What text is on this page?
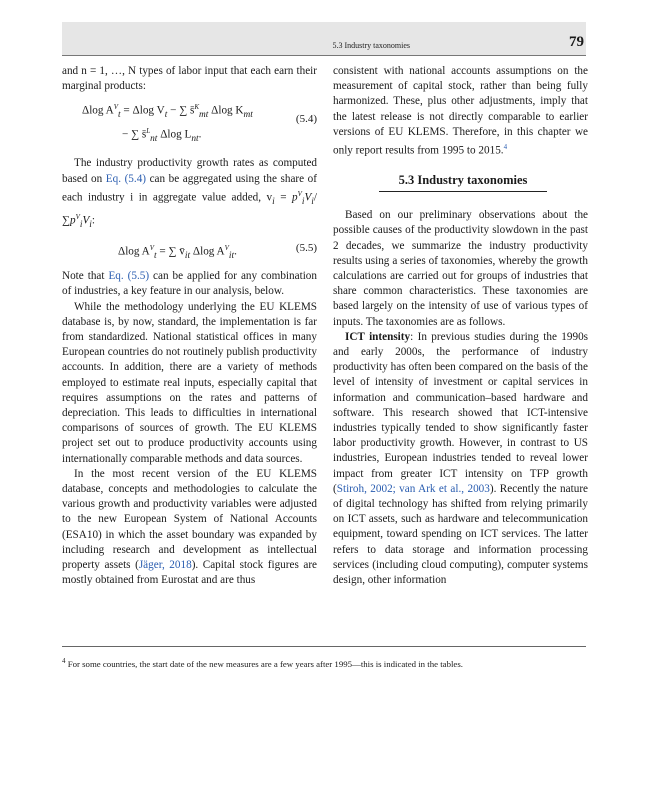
5.3 Industry taxonomies	79

and n = 1, …, N types of labor input that each earn their marginal products:

Δlog $A^V_t = \Delta\log$ $V_t$ − ∑ s̄$^K_{mt}$ Δlog $K_{mt}$	(5.4)
− ∑ s̄$^L_{nt}$ Δlog $L_{nt}$.

The industry productivity growth rates as computed based on Eq. (5.4) can be aggregated using the share of each industry i in aggregate value added, $v_i = p^V_iV_i/\sum p^V_iV_i$:

Δlog $A^V_t$ = ∑ $v̄_{it}$ Δlog $A^V_{it}$.	(5.5)

Note that Eq. (5.5) can be applied for any combination of industries, a key feature in our analysis, below.

While the methodology underlying the EU KLEMS database is, by now, standard, the implementation is far from standardized. National statistical offices in many European countries do not routinely publish productivity accounts. In addition, there are a variety of methods employed to estimate real inputs, especially capital that requires assumptions on the rates and patterns of depreciation. This leads to difficulties in international comparisons of sources of growth. The EU KLEMS project set out to produce productivity accounts using internationally comparable methods and data sources.

In the most recent version of the EU KLEMS database, concepts and methodologies to calculate the various growth and productivity variables were adjusted to the new European System of National Accounts (ESA10) in which the asset boundary was expanded by including research and development as intellectual property assets (Jäger, 2018). Capital stock figures are mostly obtained from Eurostat and are thus

consistent with national accounts assumptions on the measurement of capital stock, rather than being fully harmonized. These, plus other adjustments, imply that the latest release is not directly comparable to earlier versions of EU KLEMS. Therefore, in this chapter we only report results from 1995 to 2015.$^4$

5.3 Industry taxonomies

Based on our preliminary observations about the possible causes of the productivity slowdown in the past 2 decades, we summarize the industry productivity results using a series of taxonomies, whereby the growth calculations are carried out for groups of industries that share common characteristics. These taxonomies are based largely on the intensity of use of various types of inputs. The taxonomies are as follows.

ICT intensity: In previous studies during the 1990s and early 2000s, the performance of industry productivity has often been compared on the basis of the level of intensity of investment or capital services in information and communication‒based hardware and software. This research showed that ICT-intensive industries typically tended to show significantly faster labor productivity growth. However, in contrast to US industries, European industries tended to reveal lower impact from greater ICT intensity on TFP growth (Stiroh, 2002; van Ark et al., 2003). Recently the nature of digital technology has shifted from relying primarily on ICT assets, such as hardware and telecommunication equipment, toward spending on ICT services. The latter refers to data storage and information processing services (including cloud computing), computer systems design, other information

$^4$ For some countries, the start date of the new measures are a few years after 1995—this is indicated in the tables.
